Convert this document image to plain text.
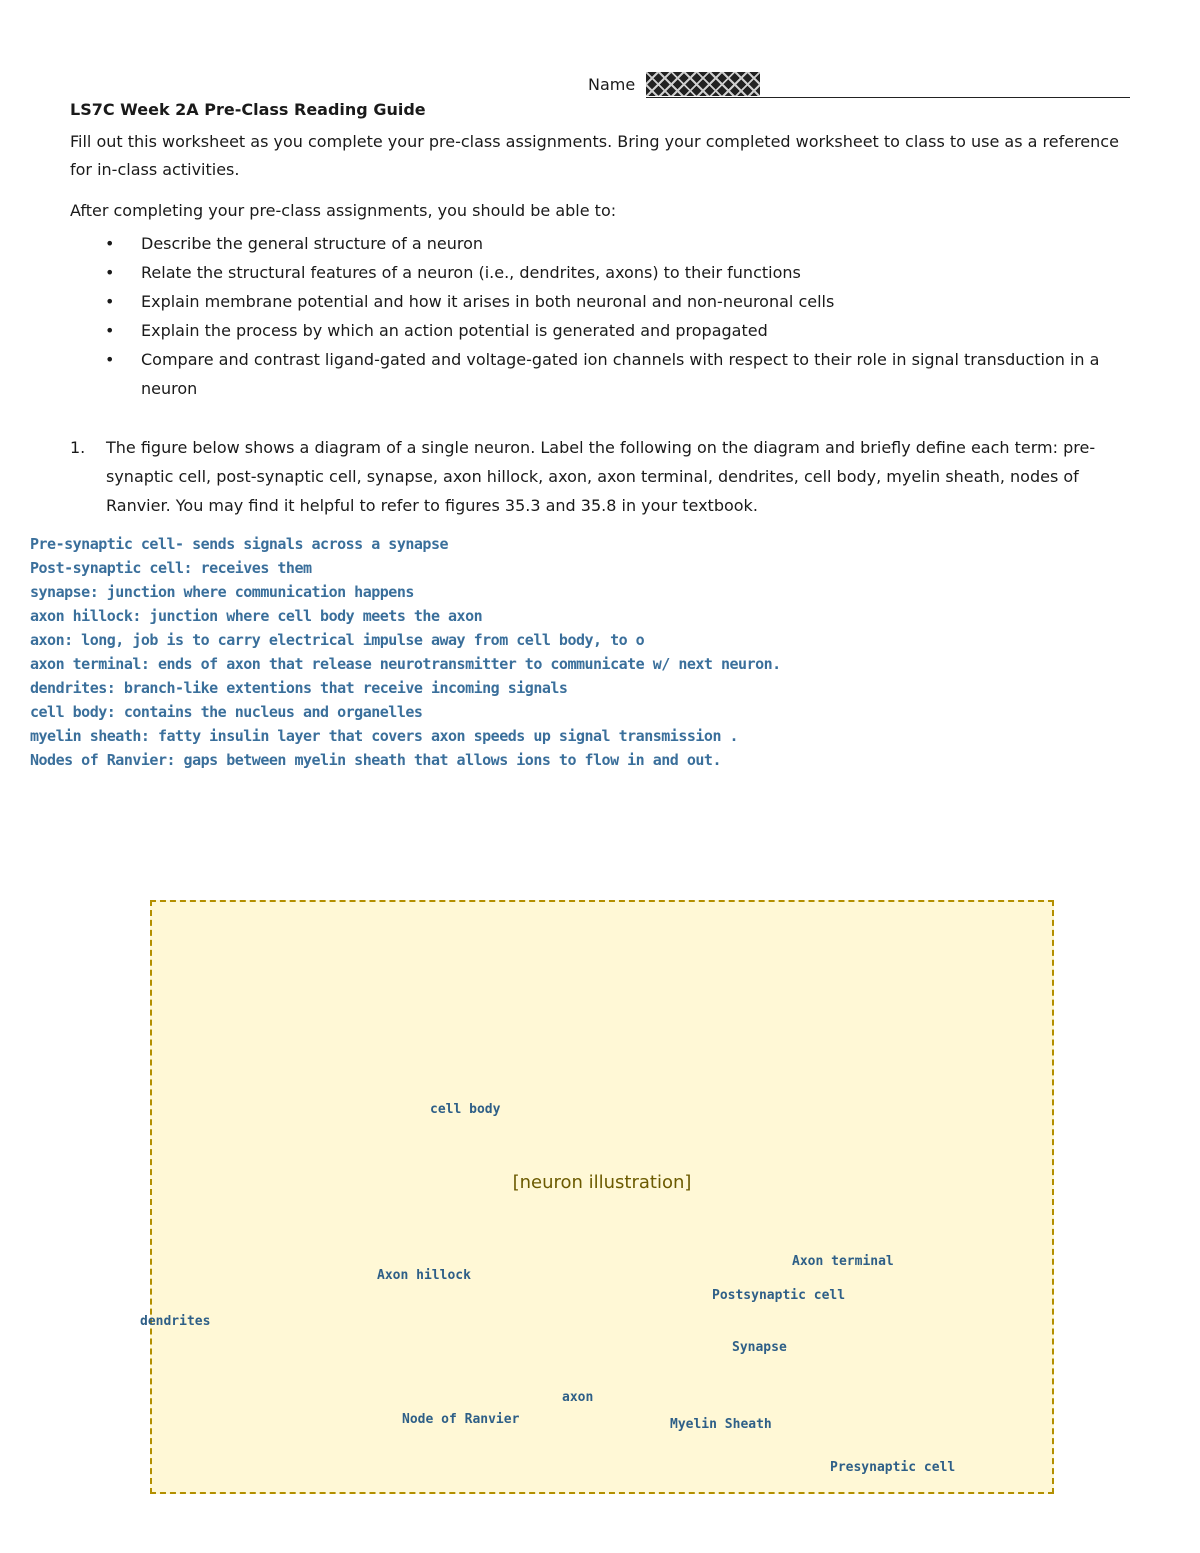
Name
LS7C Week 2A Pre-Class Reading Guide

Fill out this worksheet as you complete your pre-class assignments. Bring your completed worksheet to class to use as a reference for in-class activities.

After completing your pre-class assignments, you should be able to:

• Describe the general structure of a neuron
• Relate the structural features of a neuron (i.e., dendrites, axons) to their functions
• Explain membrane potential and how it arises in both neuronal and non-neuronal cells
• Explain the process by which an action potential is generated and propagated
• Compare and contrast ligand-gated and voltage-gated ion channels with respect to their role in signal transduction in a neuron
1. The figure below shows a diagram of a single neuron. Label the following on the diagram and briefly define each term: pre-synaptic cell, post-synaptic cell, synapse, axon hillock, axon, axon terminal, dendrites, cell body, myelin sheath, nodes of Ranvier. You may find it helpful to refer to figures 35.3 and 35.8 in your textbook.

Pre-synaptic cell- sends signals across a synapse
Post-synaptic cell: receives them
synapse: junction where communication happens
axon hillock: junction where cell body meets the axon
axon: long, job is to carry electrical impulse away from cell body, to o
axon terminal: ends of axon that release neurotransmitter to communicate w/ next neuron.
dendrites: branch-like extentions that receive incoming signals
cell body: contains the nucleus and organelles
myelin sheath: fatty insulin layer that covers axon speeds up signal transmission .
Nodes of Ranvier: gaps between myelin sheath that allows ions to flow in and out.
[neuron illustration]
cell body
Axon hillock
dendrites
Node of Ranvier
axon
Myelin Sheath
Axon terminal
Postsynaptic cell
Synapse
Presynaptic cell
